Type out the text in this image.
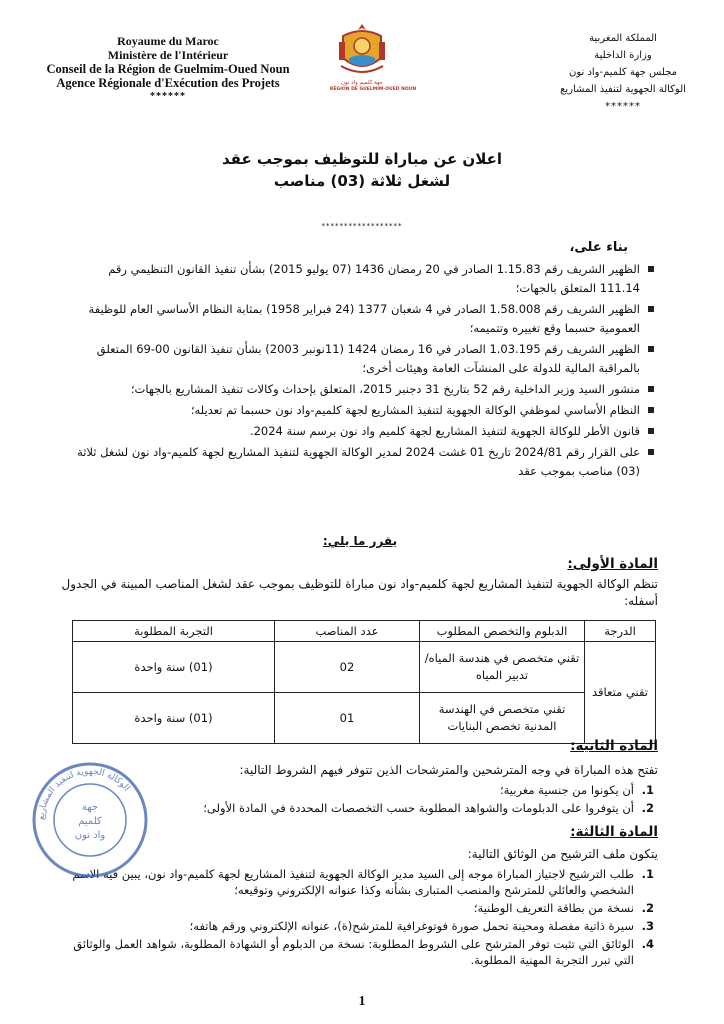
Royaume du Maroc
Ministère de l'Intérieur
Conseil de la Région de Guelmim-Oued Noun
Agence Régionale d'Exécution des Projets
******
جهة كلميم واد نون
RÉGION DE GUELMIM-OUED NOUN
المملكة المغربية
وزارة الداخلية
مجلس جهة كلميم-واد نون
الوكالة الجهوية لتنفيذ المشاريع
******
اعلان عن مباراة للتوظيف بموجب عقد
لشغل ثلاثة (03) مناصب
******************
بناء على،
الظهير الشريف رقم 1.15.83 الصادر في 20 رمضان 1436 (07 يوليو 2015) بشأن تنفيذ القانون التنظيمي رقم 111.14 المتعلق بالجهات؛
الظهير الشريف رقم 1.58.008 الصادر في 4 شعبان 1377 (24 فبراير 1958) بمثابة النظام الأساسي العام للوظيفة العمومية حسبما وقع تغييره وتتميمه؛
الظهير الشريف رقم 1.03.195 الصادر في 16 رمضان 1424 (11نونبر 2003) بشأن تنفيذ القانون 00-69 المتعلق بالمراقبة المالية للدولة على المنشآت العامة وهيئات أخرى؛
منشور السيد وزير الداخلية رقم 52 بتاريخ 31 دجنبر 2015، المتعلق بإحداث وكالات تنفيذ المشاريع بالجهات؛
النظام الأساسي لموظفي الوكالة الجهوية لتنفيذ المشاريع لجهة كلميم-واد نون حسبما تم تعديله؛
قانون الأطر للوكالة الجهوية لتنفيذ المشاريع لجهة كلميم واد نون برسم سنة 2024.
على القرار رقم 2024/81 تاريخ 01 غشت 2024 لمدير الوكالة الجهوية لتنفيذ المشاريع لجهة كلميم-واد نون لشغل ثلاثة (03) مناصب بموجب عقد
يقرر ما يلي:
المادة الأولى:
تنظم الوكالة الجهوية لتنفيذ المشاريع لجهة كلميم-واد نون مباراة للتوظيف بموجب عقد لشغل المناصب المبينة في الجدول أسفله:
الدرجة	الدبلوم والتخصص المطلوب	عدد المناصب	التجربة المطلوبة
تقني متعاقد	تقني متخصص في هندسة المياه/ تدبير المياه	02	(01) سنة واحدة
	تقني متخصص في الهندسة المدنية تخصص البنايات	01	(01) سنة واحدة
المادة الثانية:
تفتح هذه المباراة في وجه المترشحين والمترشحات الذين تتوفر فيهم الشروط التالية:
1.
أن يكونوا من جنسية مغربية؛
2.
أن يتوفروا على الدبلومات والشواهد المطلوبة حسب التخصصات المحددة في المادة الأولى؛
المادة الثالثة:
يتكون ملف الترشيح من الوثائق التالية:
1.
طلب الترشيح لاجتياز المباراة موجه إلى السيد مدير الوكالة الجهوية لتنفيذ المشاريع لجهة كلميم-واد نون، يبين فيه الاسم الشخصي والعائلي للمترشح والمنصب المتبارى بشأنه وكذا عنوانه الإلكتروني وتوقيعه؛
2.
نسخة من بطاقة التعريف الوطنية؛
3.
سيرة ذاتية مفصلة ومحينة تحمل صورة فوتوغرافية للمترشح(ة)، عنوانه الإلكتروني ورقم هاتفه؛
4.
الوثائق التي تثبت توفر المترشح على الشروط المطلوبة: نسخة من الدبلوم أو الشهادة المطلوبة، شواهد العمل والوثائق التي تبرر التجربة المهنية المطلوبة.
الوكالة الجهوية لتنفيذ المشاريع
جهة
كلميم
واد نون
1
